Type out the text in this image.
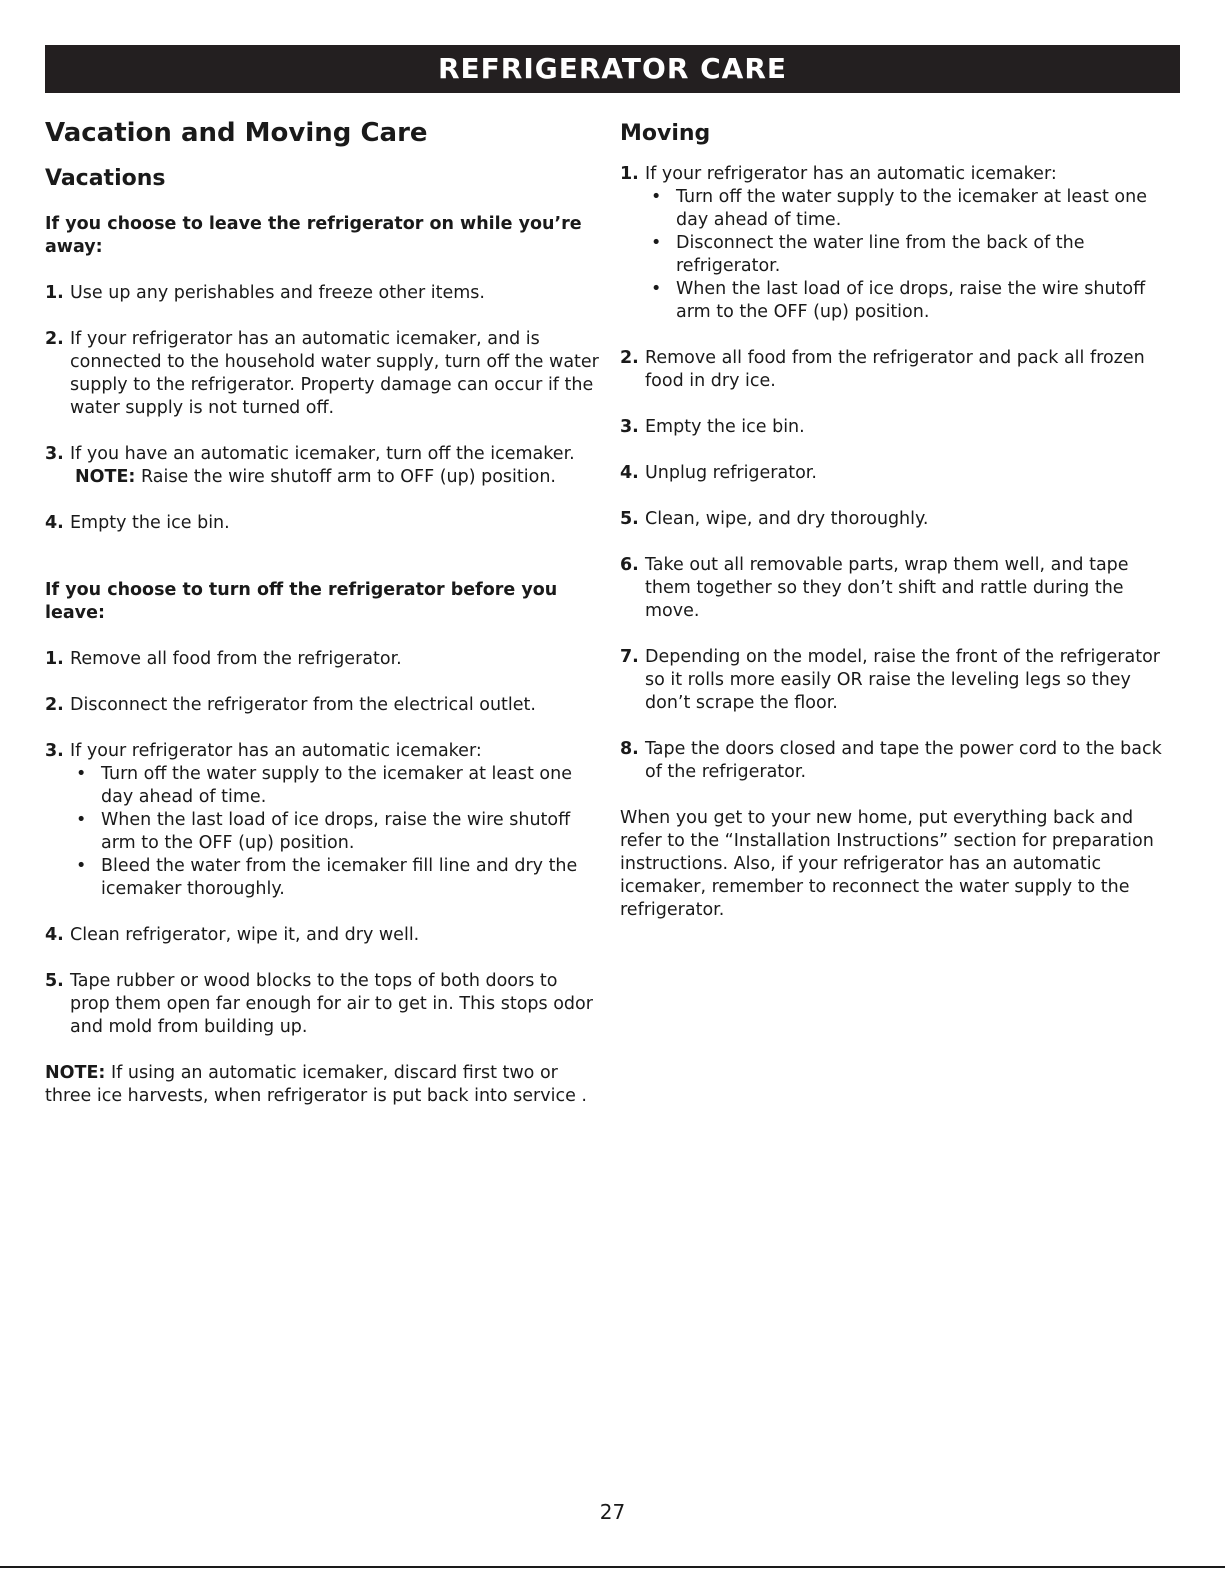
REFRIGERATOR CARE
Vacation and Moving Care
Vacations
If you choose to leave the refrigerator on while you’re away:
1. Use up any perishables and freeze other items.
2. If your refrigerator has an automatic icemaker, and is connected to the household water supply, turn off the water supply to the refrigerator. Property damage can occur if the water supply is not turned off.
3. If you have an automatic icemaker, turn off the icemaker.
NOTE: Raise the wire shutoff arm to OFF (up) position.
4. Empty the ice bin.
If you choose to turn off the refrigerator before you leave:
1. Remove all food from the refrigerator.
2. Disconnect the refrigerator from the electrical outlet.
3. If your refrigerator has an automatic icemaker:
• Turn off the water supply to the icemaker at least one day ahead of time.
• When the last load of ice drops, raise the wire shutoff arm to the OFF (up) position.
• Bleed the water from the icemaker fill line and dry the icemaker thoroughly.
4. Clean refrigerator, wipe it, and dry well.
5. Tape rubber or wood blocks to the tops of both doors to prop them open far enough for air to get in. This stops odor and mold from building up.

NOTE: If using an automatic icemaker, discard first two or three ice harvests, when refrigerator is put back into service .

Moving
1. If your refrigerator has an automatic icemaker:
• Turn off the water supply to the icemaker at least one day ahead of time.
• Disconnect the water line from the back of the refrigerator.
• When the last load of ice drops, raise the wire shutoff arm to the OFF (up) position.
2. Remove all food from the refrigerator and pack all frozen food in dry ice.
3. Empty the ice bin.
4. Unplug refrigerator.
5. Clean, wipe, and dry thoroughly.
6. Take out all removable parts, wrap them well, and tape them together so they don’t shift and rattle during the move.
7. Depending on the model, raise the front of the refrigerator so it rolls more easily OR raise the leveling legs so they don’t scrape the floor.
8. Tape the doors closed and tape the power cord to the back of the refrigerator.

When you get to your new home, put everything back and refer to the “Installation Instructions” section for preparation instructions. Also, if your refrigerator has an automatic icemaker, remember to reconnect the water supply to the refrigerator.

27
